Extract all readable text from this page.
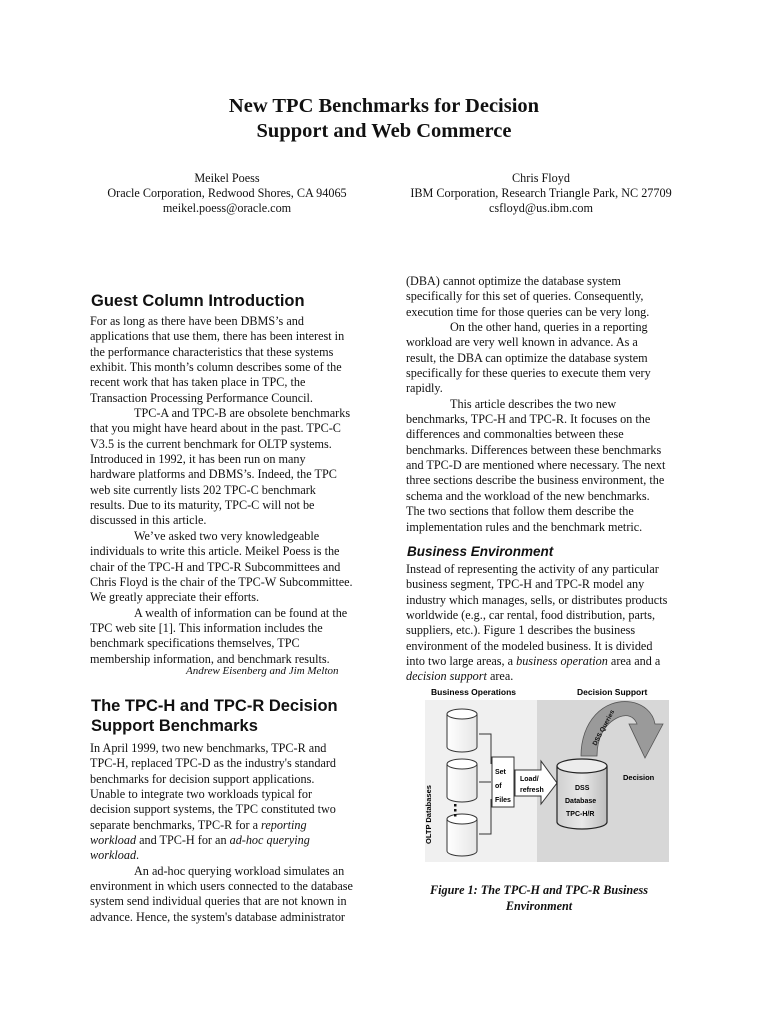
New TPC Benchmarks for Decision
Support and Web Commerce
Meikel Poess
Oracle Corporation, Redwood Shores, CA 94065
meikel.poess@oracle.com
Chris Floyd
IBM Corporation, Research Triangle Park, NC 27709
csfloyd@us.ibm.com
Guest Column Introduction
For as long as there have been DBMS’s and
applications that use them, there has been interest in
the performance characteristics that these systems
exhibit. This month’s column describes some of the
recent work that has taken place in TPC, the
Transaction Processing Performance Council.
TPC-A and TPC-B are obsolete benchmarks
that you might have heard about in the past. TPC-C
V3.5 is the current benchmark for OLTP systems.
Introduced in 1992, it has been run on many
hardware platforms and DBMS’s. Indeed, the TPC
web site currently lists 202 TPC-C benchmark
results. Due to its maturity, TPC-C will not be
discussed in this article.
We’ve asked two very knowledgeable
individuals to write this article. Meikel Poess is the
chair of the TPC-H and TPC-R Subcommittees and
Chris Floyd is the chair of the TPC-W Subcommittee.
We greatly appreciate their efforts.
A wealth of information can be found at the
TPC web site [1]. This information includes the
benchmark specifications themselves, TPC
membership information, and benchmark results.
Andrew Eisenberg and Jim Melton
The TPC-H and TPC-R Decision
Support Benchmarks
In April 1999, two new benchmarks, TPC-R and
TPC-H, replaced TPC-D as the industry's standard
benchmarks for decision support applications.
Unable to integrate two workloads typical for
decision support systems, the TPC constituted two
separate benchmarks, TPC-R for a reporting
workload and TPC-H for an ad-hoc querying
workload.
An ad-hoc querying workload simulates an
environment in which users connected to the database
system send individual queries that are not known in
advance. Hence, the system's database administrator
(DBA) cannot optimize the database system
specifically for this set of queries. Consequently,
execution time for those queries can be very long.
On the other hand, queries in a reporting
workload are very well known in advance. As a
result, the DBA can optimize the database system
specifically for these queries to execute them very
rapidly.
This article describes the two new
benchmarks, TPC-H and TPC-R. It focuses on the
differences and commonalties between these
benchmarks. Differences between these benchmarks
and TPC-D are mentioned where necessary. The next
three sections describe the business environment, the
schema and the workload of the new benchmarks.
The two sections that follow them describe the
implementation rules and the benchmark metric.
Business Environment
Instead of representing the activity of any particular
business segment, TPC-H and TPC-R model any
industry which manages, sells, or distributes products
worldwide (e.g., car rental, food distribution, parts,
suppliers, etc.). Figure 1 describes the business
environment of the modeled business. It is divided
into two large areas, a business operation area and a
decision support area.
Business Operations	Decision Support
OLTP Databases
Set
of
Files
Load/
refresh	DSS
Database
TPC-H/R
DSS Queries
Decision
Figure 1: The TPC-H and TPC-R Business
Environment
